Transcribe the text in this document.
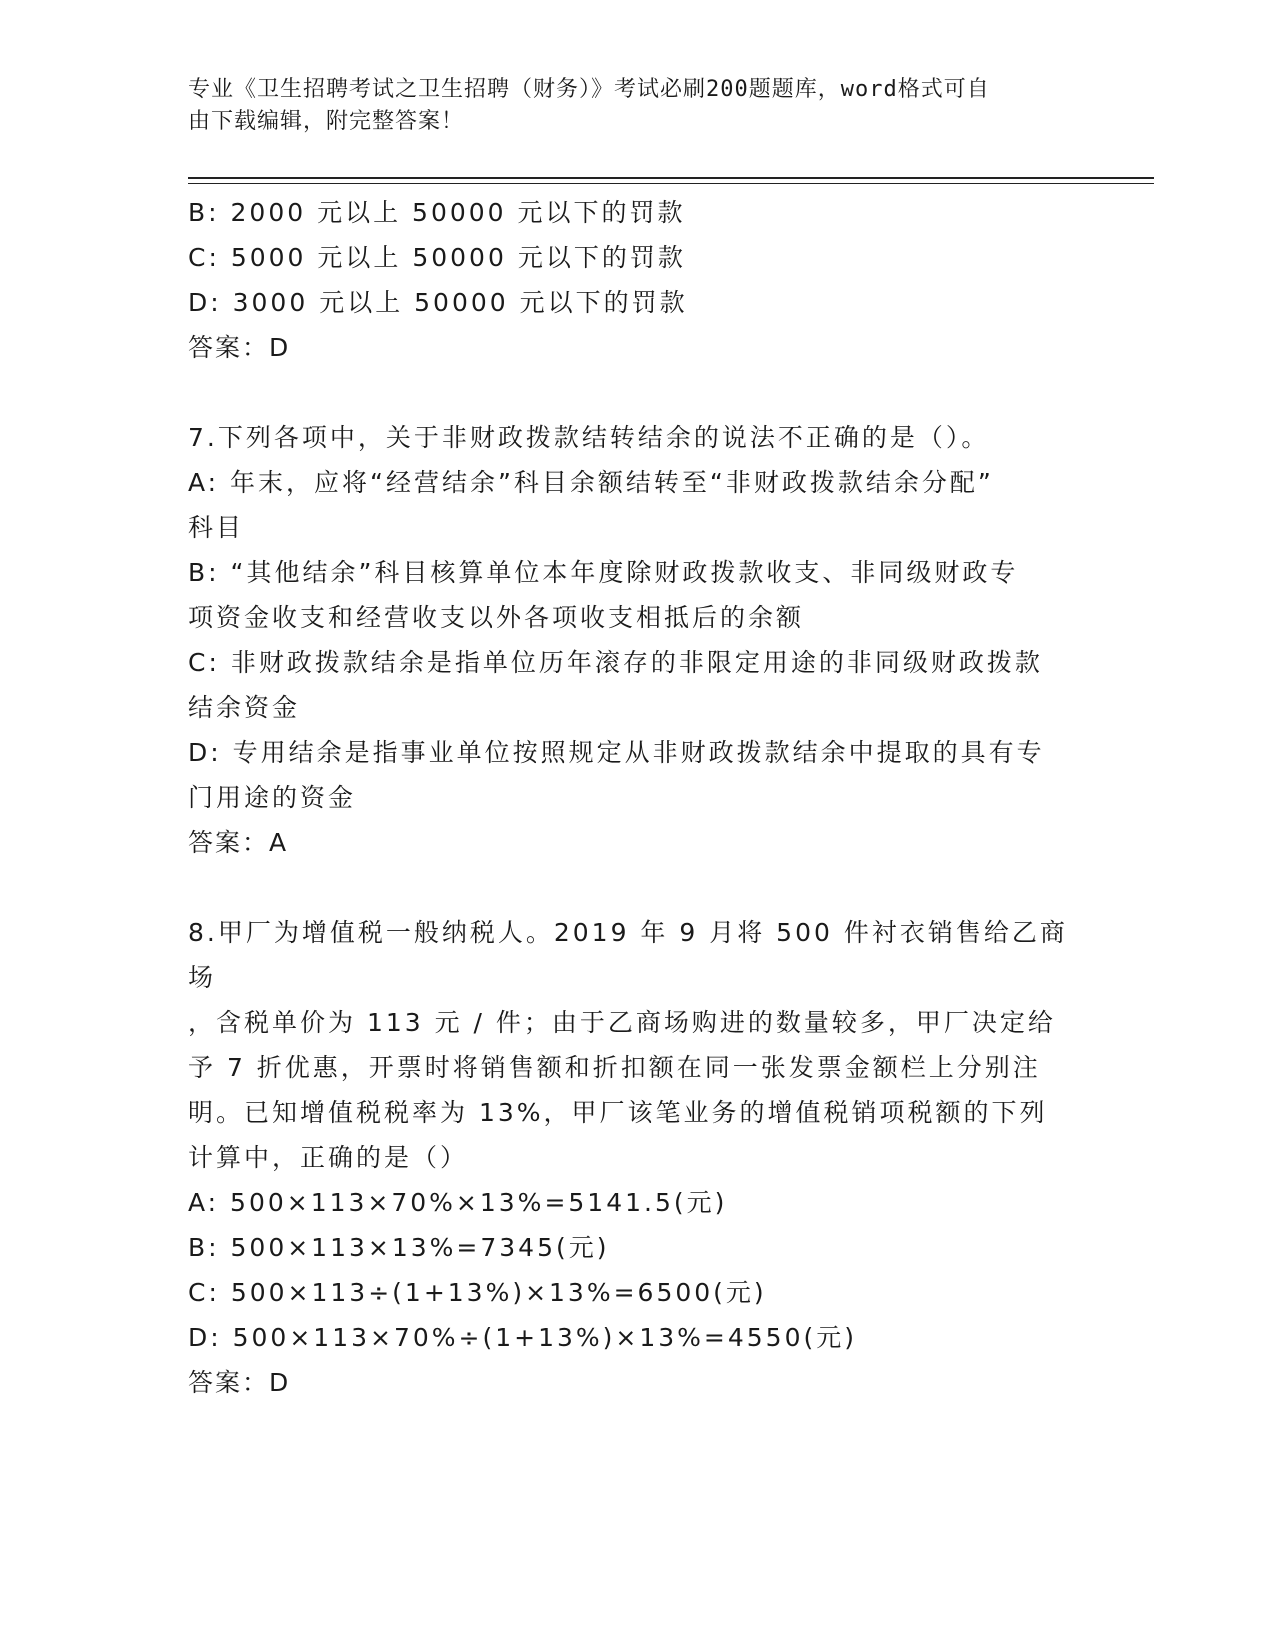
专业《卫生招聘考试之卫生招聘（财务）》考试必刷200题题库，word格式可自
由下载编辑，附完整答案！
B: 2000 元以上 50000 元以下的罚款
C: 5000 元以上 50000 元以下的罚款
D: 3000 元以上 50000 元以下的罚款
答案：D
7.下列各项中，关于非财政拨款结转结余的说法不正确的是（）。
A: 年末，应将“经营结余”科目余额结转至“非财政拨款结余分配”
科目
B: “其他结余”科目核算单位本年度除财政拨款收支、非同级财政专
项资金收支和经营收支以外各项收支相抵后的余额
C: 非财政拨款结余是指单位历年滚存的非限定用途的非同级财政拨款
结余资金
D: 专用结余是指事业单位按照规定从非财政拨款结余中提取的具有专
门用途的资金
答案：A
8.甲厂为增值税一般纳税人。2019 年 9 月将 500 件衬衣销售给乙商场
，含税单价为 113 元 / 件；由于乙商场购进的数量较多，甲厂决定给
予 7 折优惠，开票时将销售额和折扣额在同一张发票金额栏上分别注
明。已知增值税税率为 13%，甲厂该笔业务的增值税销项税额的下列
计算中，正确的是（）
A: 500×113×70%×13%=5141.5(元)
B: 500×113×13%=7345(元)
C: 500×113÷(1+13%)×13%=6500(元)
D: 500×113×70%÷(1+13%)×13%=4550(元)
答案：D
